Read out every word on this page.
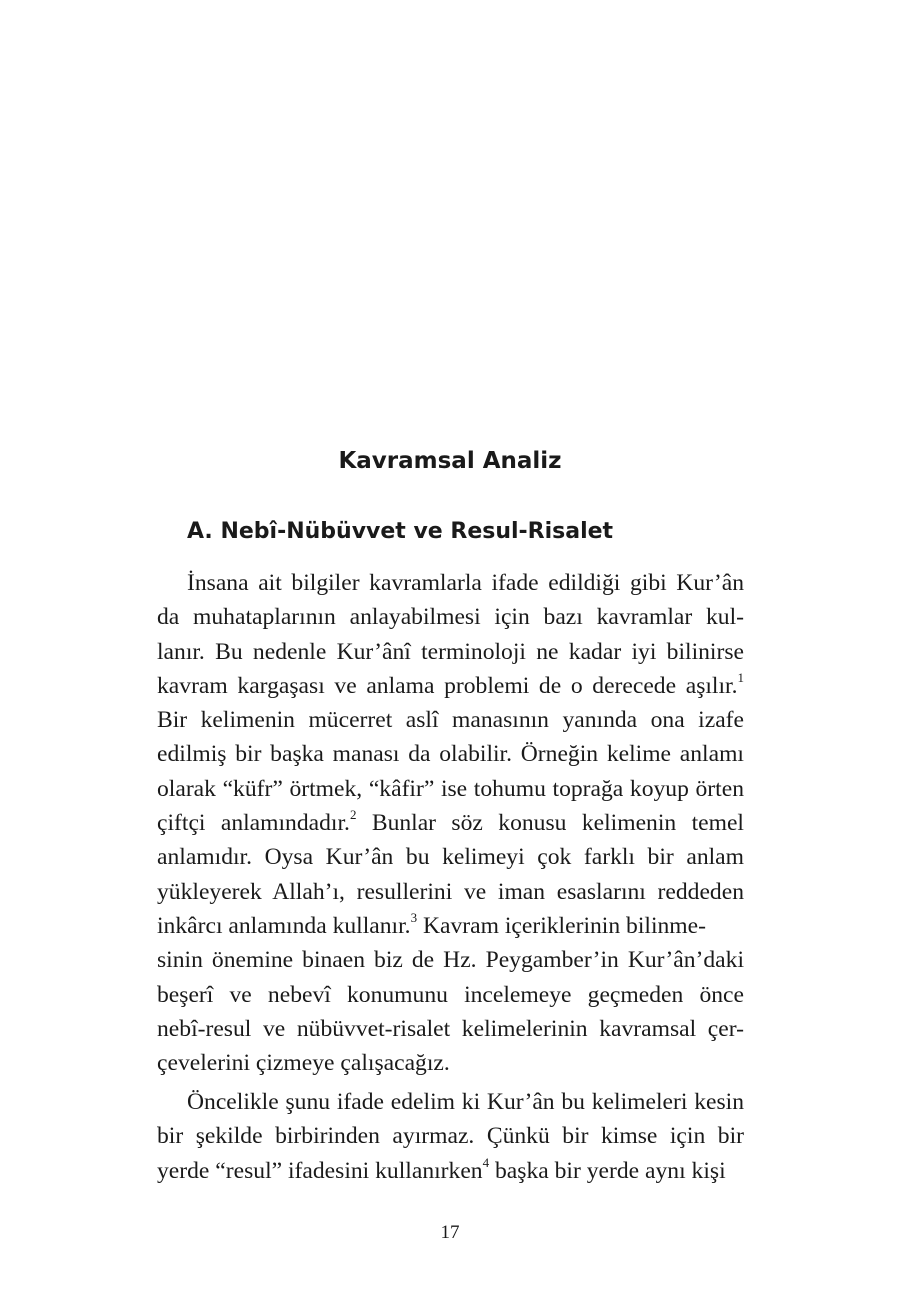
Kavramsal Analiz
A. Nebî-Nübüvvet ve Resul-Risalet
İnsana ait bilgiler kavramlarla ifade edildiği gibi Kur’ân
da muhataplarının anlayabilmesi için bazı kavramlar kul-
lanır. Bu nedenle Kur’ânî terminoloji ne kadar iyi bilinirse
kavram kargaşası ve anlama problemi de o derecede aşılır.$^1$
Bir kelimenin mücerret aslî manasının yanında ona izafe
edilmiş bir başka manası da olabilir. Örneğin kelime anlamı
olarak “küfr” örtmek, “kâfir” ise tohumu toprağa koyup örten
çiftçi anlamındadır.$^2$ Bunlar söz konusu kelimenin temel
anlamıdır. Oysa Kur’ân bu kelimeyi çok farklı bir anlam
yükleyerek Allah’ı, resullerini ve iman esaslarını reddeden
inkârcı anlamında kullanır.$^3$ Kavram içeriklerinin bilinme-
sinin önemine binaen biz de Hz. Peygamber’in Kur’ân’daki
beşerî ve nebevî konumunu incelemeye geçmeden önce
nebî-resul ve nübüvvet-risalet kelimelerinin kavramsal çer-
çevelerini çizmeye çalışacağız.
Öncelikle şunu ifade edelim ki Kur’ân bu kelimeleri kesin
bir şekilde birbirinden ayırmaz. Çünkü bir kimse için bir
yerde “resul” ifadesini kullanırken$^4$ başka bir yerde aynı kişi
17
